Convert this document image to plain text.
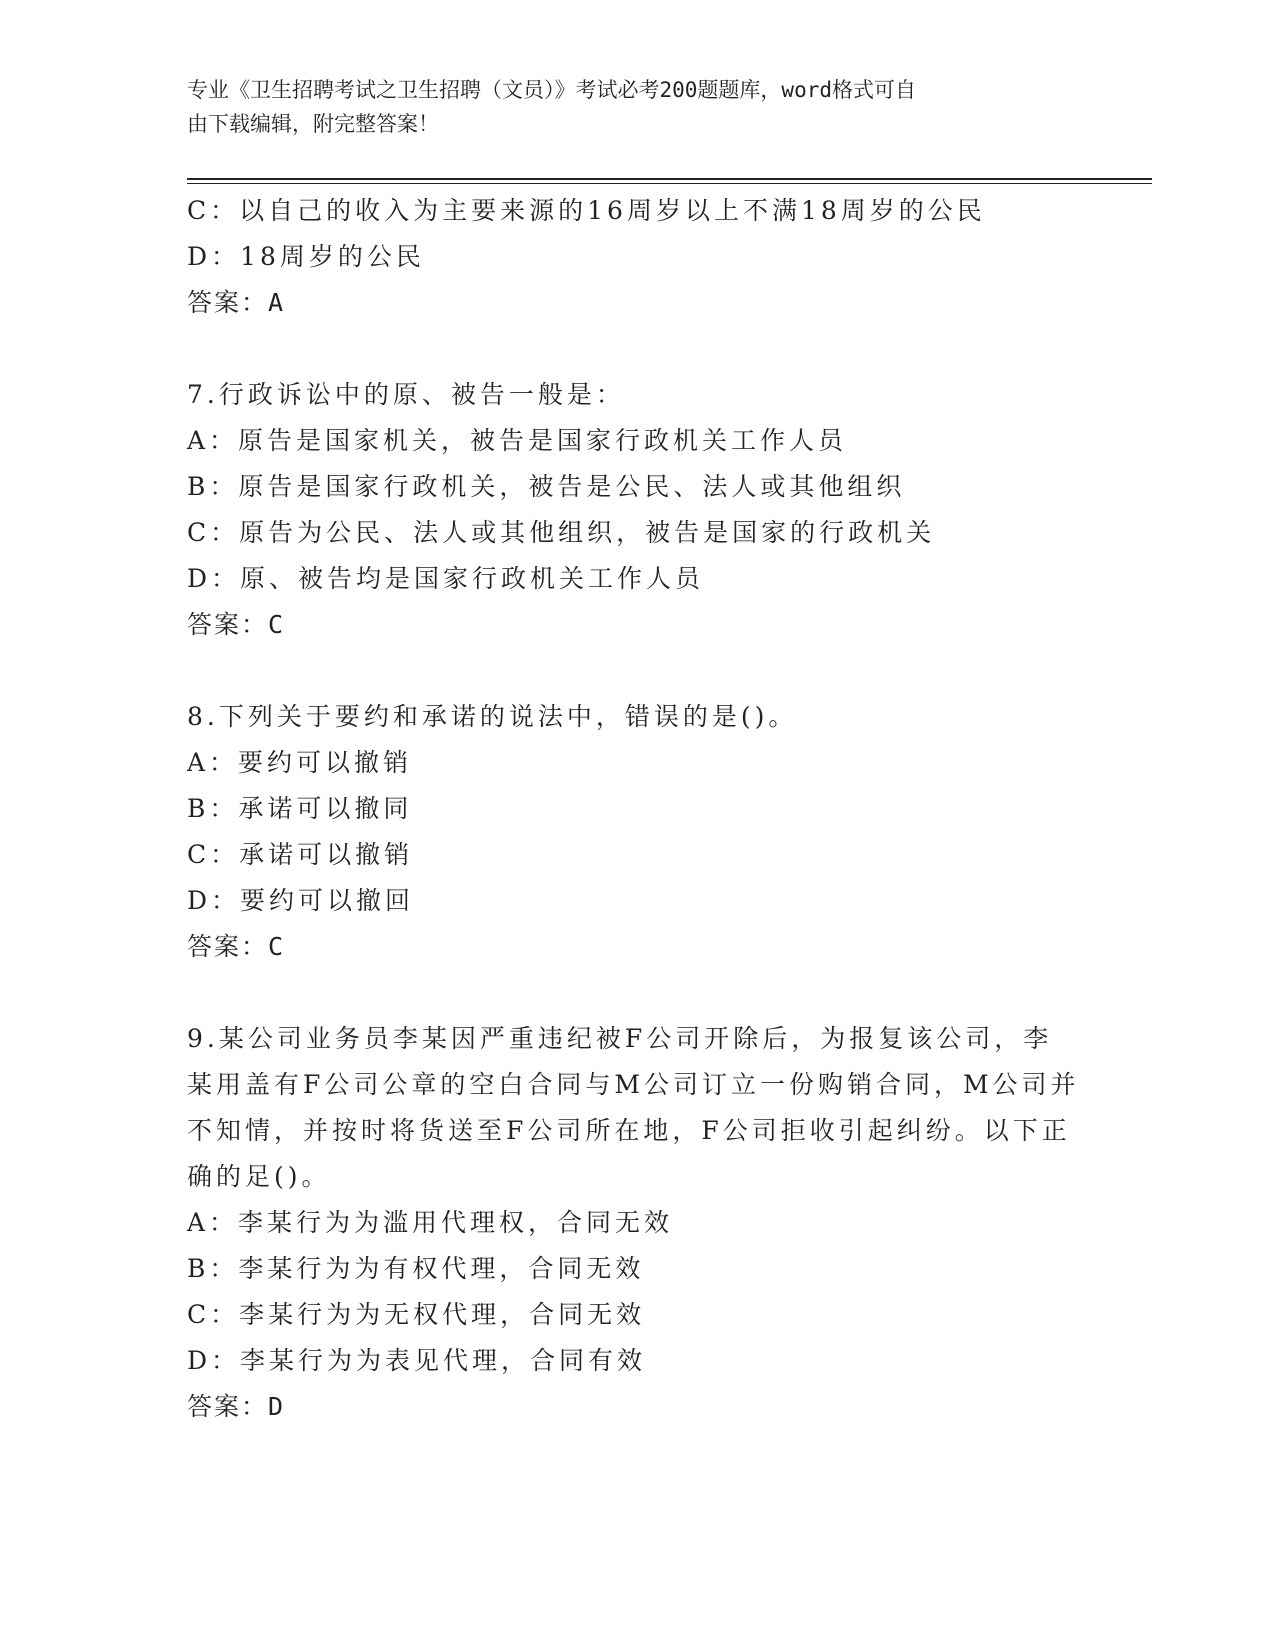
专业《卫生招聘考试之卫生招聘（文员）》考试必考200题题库，word格式可自
由下载编辑，附完整答案！
C：以自己的收入为主要来源的16周岁以上不满18周岁的公民
D：18周岁的公民
答案：A
7.行政诉讼中的原、被告一般是：
A：原告是国家机关，被告是国家行政机关工作人员
B：原告是国家行政机关，被告是公民、法人或其他组织
C：原告为公民、法人或其他组织，被告是国家的行政机关
D：原、被告均是国家行政机关工作人员
答案：C
8.下列关于要约和承诺的说法中，错误的是()。
A：要约可以撤销
B：承诺可以撤同
C：承诺可以撤销
D：要约可以撤回
答案：C
9.某公司业务员李某因严重违纪被F公司开除后，为报复该公司，李
某用盖有F公司公章的空白合同与M公司订立一份购销合同，M公司并
不知情，并按时将货送至F公司所在地，F公司拒收引起纠纷。以下正
确的足()。
A：李某行为为滥用代理权，合同无效
B：李某行为为有权代理，合同无效
C：李某行为为无权代理，合同无效
D：李某行为为表见代理，合同有效
答案：D
